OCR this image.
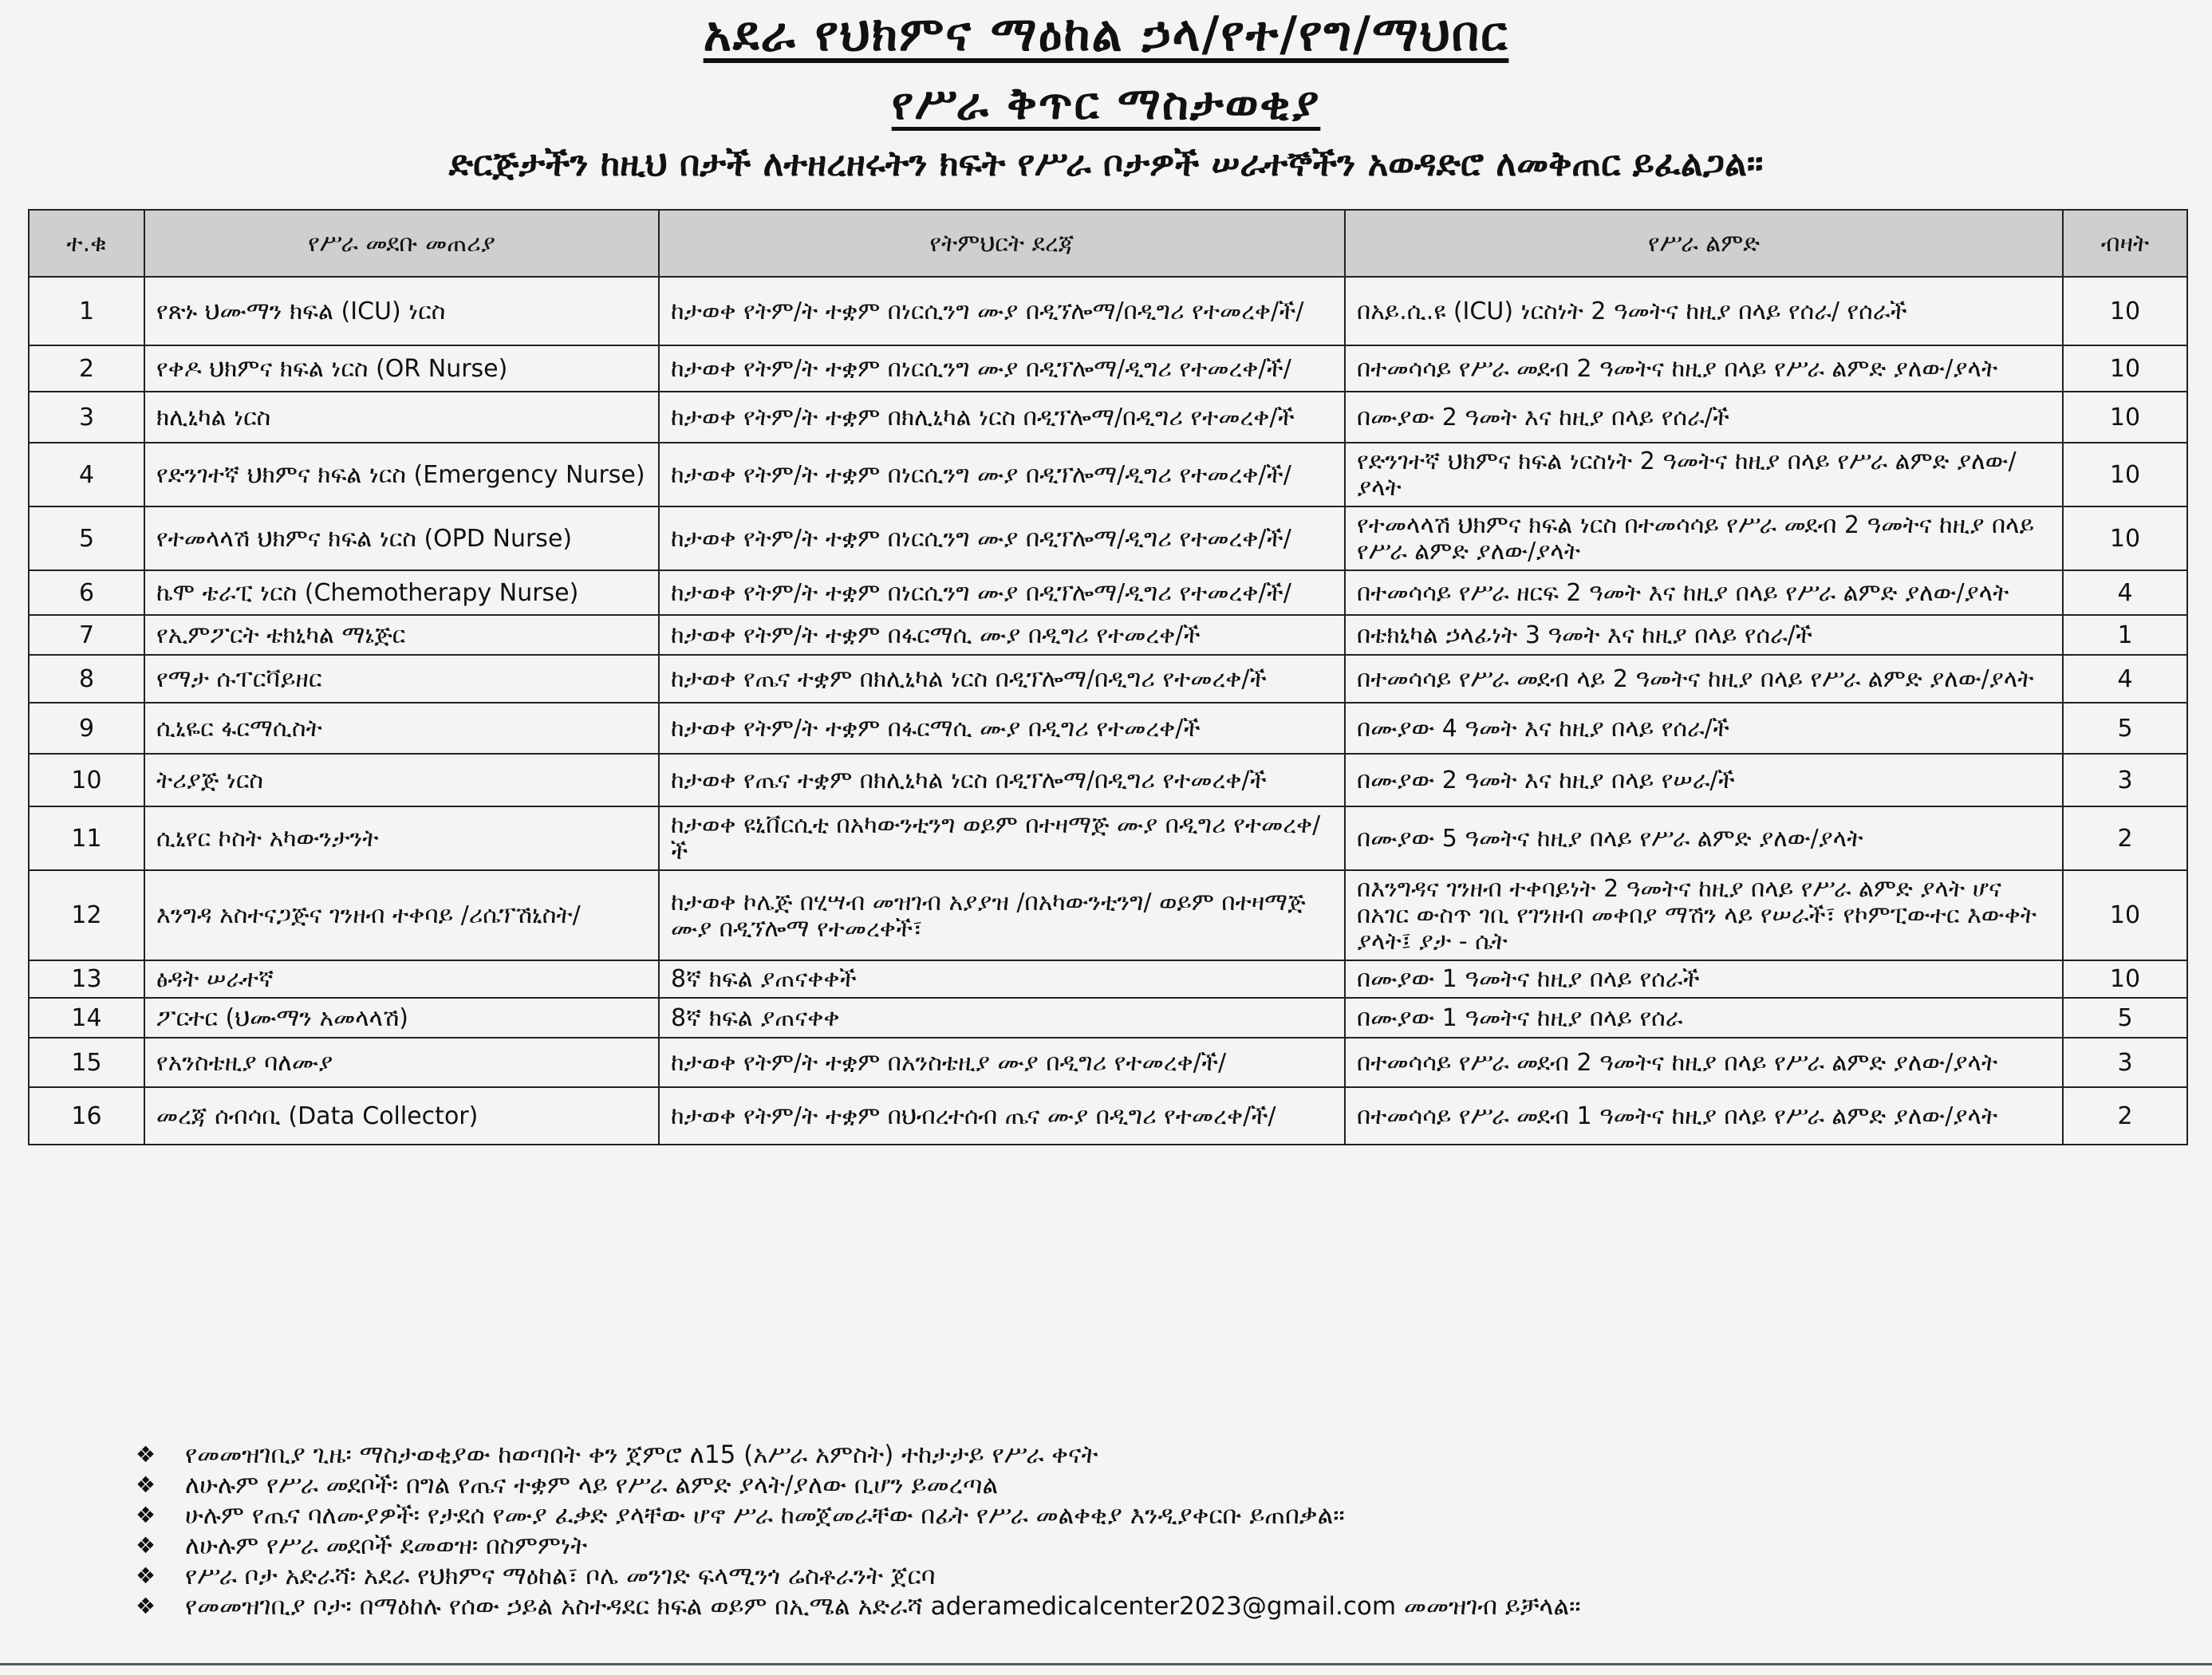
አደራ የህክምና ማዕከል ኃላ/የተ/የግ/ማህበር
የሥራ ቅጥር ማስታወቂያ
ድርጅታችን ከዚህ በታች ለተዘረዘሩትን ክፍት የሥራ ቦታዎች ሠራተኞችን አወዳድሮ ለመቅጠር ይፈልጋል።
ተ.ቁ	የሥራ መደቡ መጠሪያ	የትምህርት ደረጃ	የሥራ ልምድ	ብዛት
1	የጽኑ ህሙማን ክፍል (ICU) ነርስ	ከታወቀ የትም/ት ተቋም በነርሲንግ ሙያ በዲኘሎማ/በዲግሪ የተመረቀ/ች/	በአይ.ሲ.ዩ (ICU) ነርስነት 2 ዓመትና ከዚያ በላይ የሰራ/ የሰራች	10
2	የቀዶ ህክምና ክፍል ነርስ (OR Nurse)	ከታወቀ የትም/ት ተቋም በነርሲንግ ሙያ በዲፕሎማ/ዲግሪ የተመረቀ/ች/	በተመሳሳይ የሥራ መደብ 2 ዓመትና ከዚያ በላይ የሥራ ልምድ ያለው/ያላት	10
3	ክሊኒካል ነርስ	ከታወቀ የትም/ት ተቋም በክሊኒካል ነርስ በዲፕሎማ/በዲግሪ የተመረቀ/ች	በሙያው 2 ዓመት እና ከዚያ በላይ የሰራ/ች	10
4	የድንገተኛ ህክምና ክፍል ነርስ (Emergency Nurse)	ከታወቀ የትም/ት ተቋም በነርሲንግ ሙያ በዲፕሎማ/ዲግሪ የተመረቀ/ች/	የድንገተኛ ህክምና ክፍል ነርስነት 2 ዓመትና ከዚያ በላይ የሥራ ልምድ ያለው/ያላት	10
5	የተመላላሽ ህክምና ክፍል ነርስ (OPD Nurse)	ከታወቀ የትም/ት ተቋም በነርሲንግ ሙያ በዲፕሎማ/ዲግሪ የተመረቀ/ች/	የተመላላሽ ህክምና ክፍል ነርስ በተመሳሳይ የሥራ መደብ 2 ዓመትና ከዚያ በላይ የሥራ ልምድ ያለው/ያላት	10
6	ኬሞ ቴራፒ ነርስ (Chemotherapy Nurse)	ከታወቀ የትም/ት ተቋም በነርሲንግ ሙያ በዲፕሎማ/ዲግሪ የተመረቀ/ች/	በተመሳሳይ የሥራ ዘርፍ 2 ዓመት እና ከዚያ በላይ የሥራ ልምድ ያለው/ያላት	4
7	የኢምፖርት ቴክኒካል ማኔጅር	ከታወቀ የትም/ት ተቋም በፋርማሲ ሙያ በዲግሪ የተመረቀ/ች	በቴክኒካል ኃላፊነት 3 ዓመት እና ከዚያ በላይ የሰራ/ች	1
8	የማታ ሱፐርቫይዘር	ከታወቀ የጤና ተቋም በክሊኒካል ነርስ በዲፕሎማ/በዲግሪ የተመረቀ/ች	በተመሳሳይ የሥራ መደብ ላይ 2 ዓመትና ከዚያ በላይ የሥራ ልምድ ያለው/ያላት	4
9	ሲኒዬር ፋርማሲስት	ከታወቀ የትም/ት ተቋም በፋርማሲ ሙያ በዲግሪ የተመረቀ/ች	በሙያው 4 ዓመት እና ከዚያ በላይ የሰራ/ች	5
10	ትሪያጅ ነርስ	ከታወቀ የጤና ተቋም በክሊኒካል ነርስ በዲፕሎማ/በዲግሪ የተመረቀ/ች	በሙያው 2 ዓመት እና ከዚያ በላይ የሠራ/ች	3
11	ሲኒየር ኮስት አካውንታንት	ከታወቀ ዩኒቨርሲቲ በአካውንቲንግ ወይም በተዛማጅ ሙያ በዲግሪ የተመረቀ/ች	በሙያው 5 ዓመትና ከዚያ በላይ የሥራ ልምድ ያለው/ያላት	2
12	እንግዳ አስተናጋጅና ገንዘብ ተቀባይ /ሪሴፕሽኒስት/	ከታወቀ ኮሌጅ በሂሣብ መዝገብ አያያዝ /በአካውንቲንግ/ ወይም በተዛማጅ ሙያ በዲኘሎማ የተመረቀች፣	በእንግዳና ገንዘብ ተቀባይነት 2 ዓመትና ከዚያ በላይ የሥራ ልምድ ያላት ሆና በአገር ውስጥ ገቢ የገንዘብ መቀበያ ማሽን ላይ የሠራች፣ የኮምፒውተር እውቀት ያላት፤ ያታ - ሴት	10
13	ፅዳት ሠራተኛ	8ኛ ክፍል ያጠናቀቀች	በሙያው 1 ዓመትና ከዚያ በላይ የሰራች	10
14	ፖርተር (ህሙማን አመላላሽ)	8ኛ ክፍል ያጠናቀቀ	በሙያው 1 ዓመትና ከዚያ በላይ የሰራ	5
15	የአንስቴዚያ ባለሙያ	ከታወቀ የትም/ት ተቋም በአንስቴዚያ ሙያ በዲግሪ የተመረቀ/ች/	በተመሳሳይ የሥራ መደብ 2 ዓመትና ከዚያ በላይ የሥራ ልምድ ያለው/ያላት	3
16	መረጃ ሰብሳቢ (Data Collector)	ከታወቀ የትም/ት ተቋም በህብረተሰብ ጤና ሙያ በዲግሪ የተመረቀ/ች/	በተመሳሳይ የሥራ መደብ 1 ዓመትና ከዚያ በላይ የሥራ ልምድ ያለው/ያላት	2
❖	የመመዝገቢያ ጊዜ፡ ማስታወቂያው ከወጣበት ቀን ጀምሮ ለ15 (አሥራ አምስት) ተከታታይ የሥራ ቀናት
❖	ለሁሉም የሥራ መደቦች፡ በግል የጤና ተቋም ላይ የሥራ ልምድ ያላት/ያለው ቢሆን ይመረጣል
❖	ሁሉም የጤና ባለሙያዎች፡ የታደሰ የሙያ ፈቃድ ያላቸው ሆኖ ሥራ ከመጀመራቸው በፊት የሥራ መልቀቂያ እንዲያቀርቡ ይጠበቃል።
❖	ለሁሉም የሥራ መደቦች ደመወዝ፡ በስምምነት
❖	የሥራ ቦታ አድራሻ፡ አደራ የህክምና ማዕከል፣ ቦሌ መንገድ ፍላሚንጎ ሬስቶራንት ጀርባ
❖	የመመዝገቢያ ቦታ፡ በማዕከሉ የሰው ኃይል አስተዳደር ክፍል ወይም በኢሜል አድራሻ aderamedicalcenter2023@gmail.com መመዝገብ ይቻላል።
